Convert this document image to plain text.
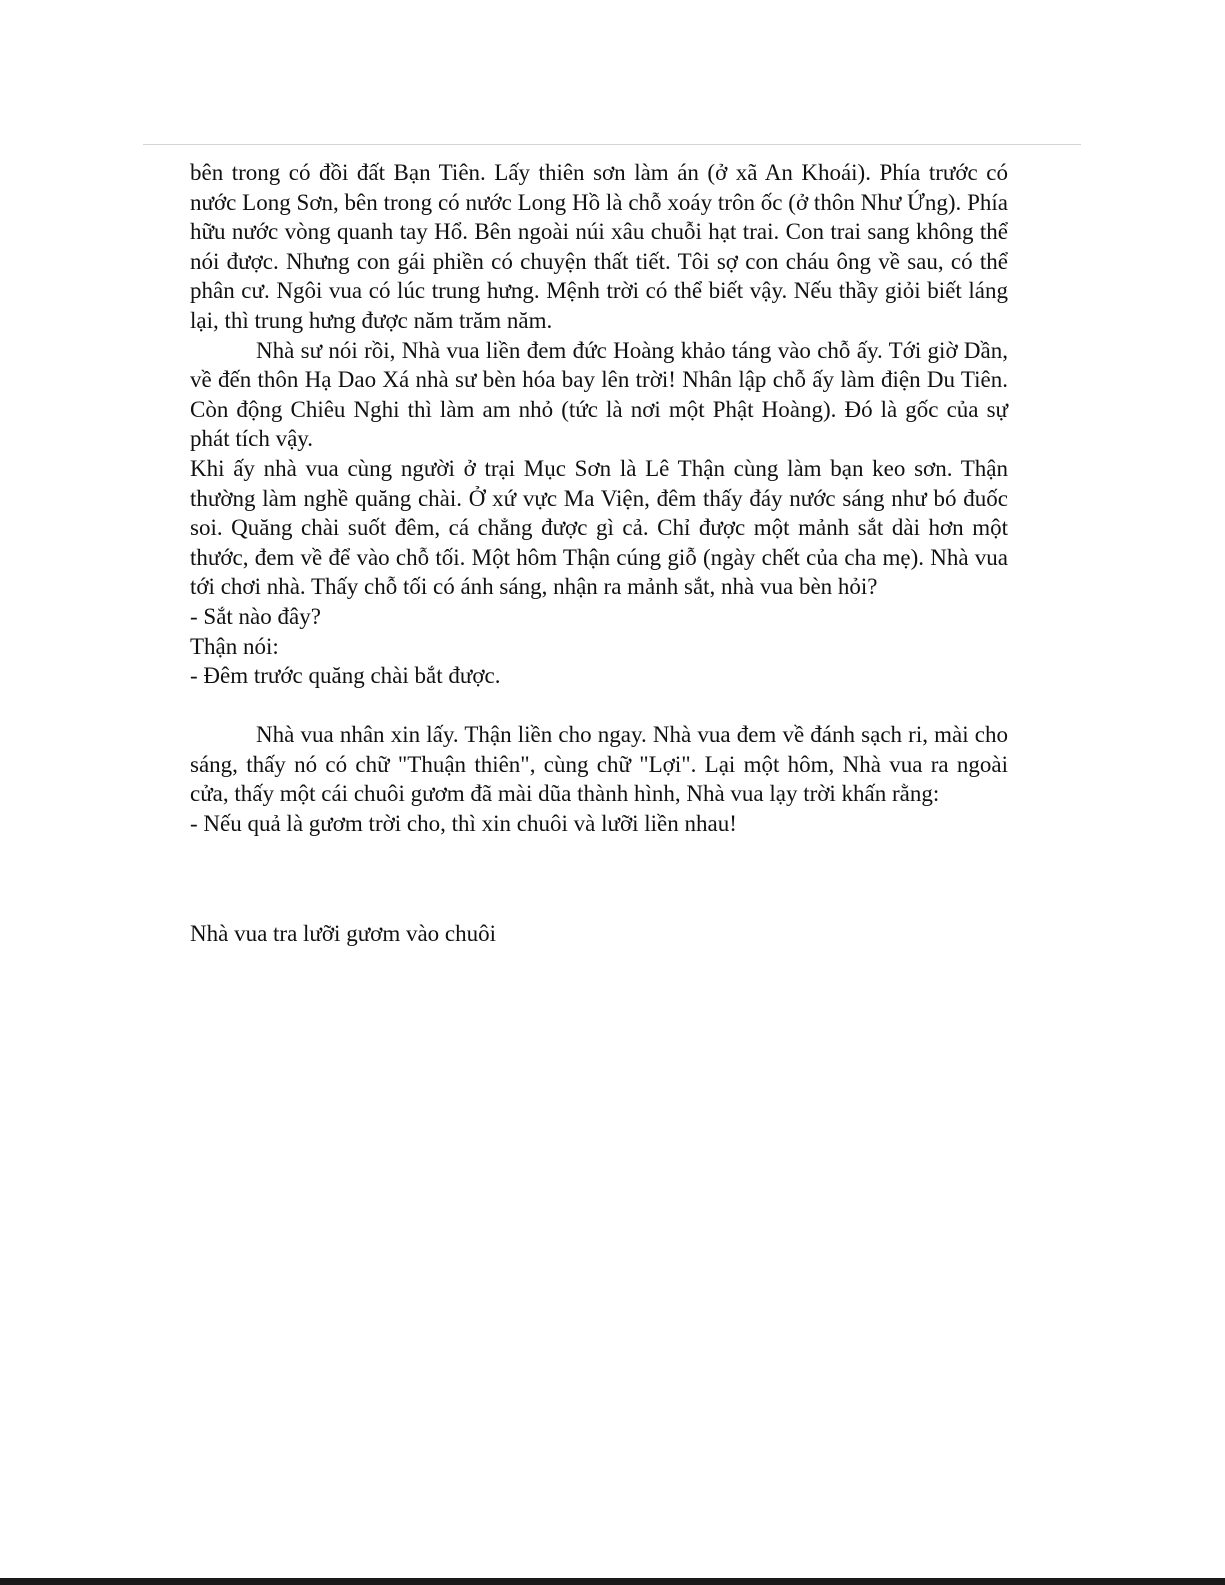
bên trong có đồi đất Bạn Tiên. Lấy thiên sơn làm án (ở xã An Khoái). Phía trước có nước Long Sơn, bên trong có nước Long Hồ là chỗ xoáy trôn ốc (ở thôn Như Ứng). Phía hữu nước vòng quanh tay Hổ. Bên ngoài núi xâu chuỗi hạt trai. Con trai sang không thể nói được. Nhưng con gái phiền có chuyện thất tiết. Tôi sợ con cháu ông về sau, có thể phân cư. Ngôi vua có lúc trung hưng. Mệnh trời có thể biết vậy. Nếu thầy giỏi biết láng lại, thì trung hưng được năm trăm năm.

Nhà sư nói rồi, Nhà vua liền đem đức Hoàng khảo táng vào chỗ ấy. Tới giờ Dần, về đến thôn Hạ Dao Xá nhà sư bèn hóa bay lên trời! Nhân lập chỗ ấy làm điện Du Tiên. Còn động Chiêu Nghi thì làm am nhỏ (tức là nơi một Phật Hoàng). Đó là gốc của sự phát tích vậy.

Khi ấy nhà vua cùng người ở trại Mục Sơn là Lê Thận cùng làm bạn keo sơn. Thận thường làm nghề quăng chài. Ở xứ vực Ma Viện, đêm thấy đáy nước sáng như bó đuốc soi. Quăng chài suốt đêm, cá chẳng được gì cả. Chỉ được một mảnh sắt dài hơn một thước, đem về để vào chỗ tối. Một hôm Thận cúng giỗ (ngày chết của cha mẹ). Nhà vua tới chơi nhà. Thấy chỗ tối có ánh sáng, nhận ra mảnh sắt, nhà vua bèn hỏi?

- Sắt nào đây?

Thận nói:

- Đêm trước quăng chài bắt được.

Nhà vua nhân xin lấy. Thận liền cho ngay. Nhà vua đem về đánh sạch ri, mài cho sáng, thấy nó có chữ "Thuận thiên", cùng chữ "Lợi". Lại một hôm, Nhà vua ra ngoài cửa, thấy một cái chuôi gươm đã mài dũa thành hình, Nhà vua lạy trời khấn rằng:

- Nếu quả là gươm trời cho, thì xin chuôi và lưỡi liền nhau!

Nhà vua tra lưỡi gươm vào chuôi
